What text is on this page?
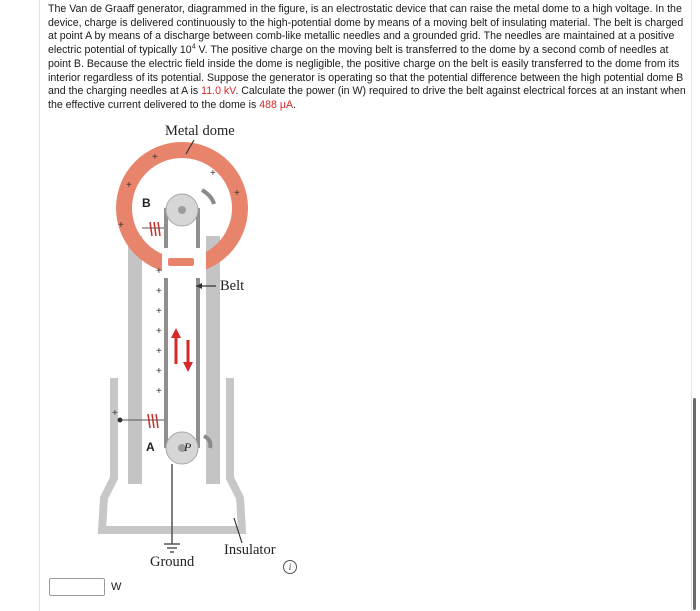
The Van de Graaff generator, diagrammed in the figure, is an electrostatic device that can raise the metal dome to a high voltage. In the device, charge is delivered continuously to the high-potential dome by means of a moving belt of insulating material. The belt is charged at point A by means of a discharge between comb-like metallic needles and a grounded grid. The needles are maintained at a positive electric potential of typically $10^4$ V. The positive charge on the moving belt is transferred to the dome by a second comb of needles at point B. Because the electric field inside the dome is negligible, the positive charge on the belt is easily transferred to the dome from its interior regardless of its potential. Suppose the generator is operating so that the potential difference between the high potential dome B and the charging needles at A is 11.0 kV. Calculate the power (in W) required to drive the belt against electrical forces at an instant when the effective current delivered to the dome is 488 μA.
+
+
+
+
+
+
+
+
+
+
+
+
+
Metal dome
Belt
Insulator
Ground
B
A P
W
i
